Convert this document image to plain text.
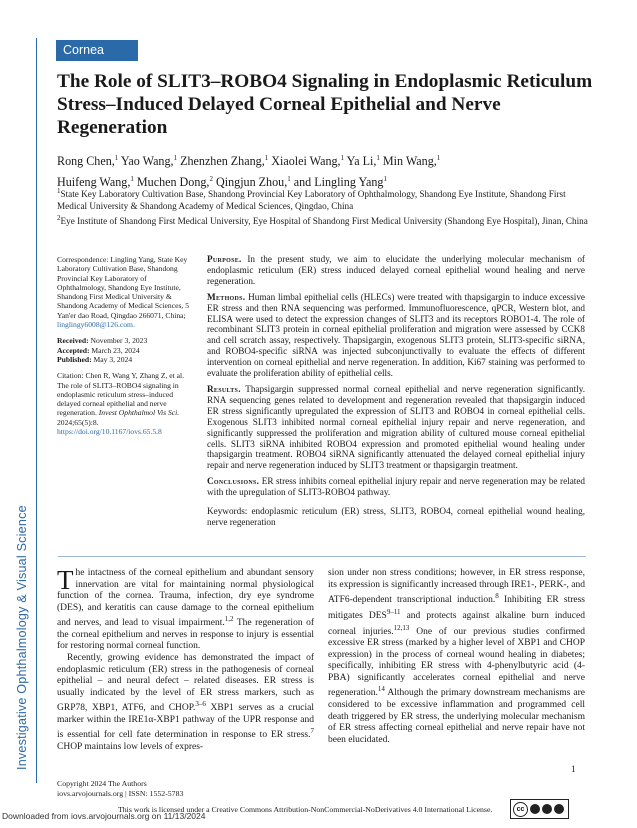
Investigative Ophthalmology & Visual Science
Cornea
The Role of SLIT3–ROBO4 Signaling in Endoplasmic Reticulum Stress–Induced Delayed Corneal Epithelial and Nerve Regeneration
Rong Chen,$^1$ Yao Wang,$^1$ Zhenzhen Zhang,$^1$ Xiaolei Wang,$^1$ Ya Li,$^1$ Min Wang,$^1$
Huifeng Wang,$^1$ Muchen Dong,$^2$ Qingjun Zhou,$^1$ and Lingling Yang$^1$
$^1$State Key Laboratory Cultivation Base, Shandong Provincial Key Laboratory of Ophthalmology, Shandong Eye Institute, Shandong First Medical University & Shandong Academy of Medical Sciences, Qingdao, China
$^2$Eye Institute of Shandong First Medical University, Eye Hospital of Shandong First Medical University (Shandong Eye Hospital), Jinan, China
Correspondence: Lingling Yang, State Key Laboratory Cultivation Base, Shandong Provincial Key Laboratory of Ophthalmology, Shandong Eye Institute, Shandong First Medical University & Shandong Academy of Medical Sciences, 5 Yan'er dao Road, Qingdao 266071, China;
linglingy6008@126.com.
Received: November 3, 2023
Accepted: March 23, 2024
Published: May 3, 2024
Citation: Chen R, Wang Y, Zhang Z, et al. The role of SLIT3–ROBO4 signaling in endoplasmic reticulum stress–induced delayed corneal epithelial and nerve regeneration. Invest Ophthalmol Vis Sci. 2024;65(5):8.
https://doi.org/10.1167/iovs.65.5.8

Purpose. In the present study, we aim to elucidate the underlying molecular mechanism of endoplasmic reticulum (ER) stress induced delayed corneal epithelial wound healing and nerve regeneration.

Methods. Human limbal epithelial cells (HLECs) were treated with thapsigargin to induce excessive ER stress and then RNA sequencing was performed. Immunofluorescence, qPCR, Western blot, and ELISA were used to detect the expression changes of SLIT3 and its receptors ROBO1-4. The role of recombinant SLIT3 protein in corneal epithelial proliferation and migration were assessed by CCK8 and cell scratch assay, respectively. Thapsigargin, exogenous SLIT3 protein, SLIT3-specific siRNA, and ROBO4-specific siRNA was injected subconjunctivally to evaluate the effects of different intervention on corneal epithelial and nerve regeneration. In addition, Ki67 staining was performed to evaluate the proliferation ability of epithelial cells.

Results. Thapsigargin suppressed normal corneal epithelial and nerve regeneration significantly. RNA sequencing genes related to development and regeneration revealed that thapsigargin induced ER stress significantly upregulated the expression of SLIT3 and ROBO4 in corneal epithelial cells. Exogenous SLIT3 inhibited normal corneal epithelial injury repair and nerve regeneration, and significantly suppressed the proliferation and migration ability of cultured mouse corneal epithelial cells. SLIT3 siRNA inhibited ROBO4 expression and promoted epithelial wound healing under thapsigargin treatment. ROBO4 siRNA significantly attenuated the delayed corneal epithelial injury repair and nerve regeneration induced by SLIT3 treatment or thapsigargin treatment.

Conclusions. ER stress inhibits corneal epithelial injury repair and nerve regeneration may be related with the upregulation of SLIT3-ROBO4 pathway.

Keywords: endoplasmic reticulum (ER) stress, SLIT3, ROBO4, corneal epithelial wound healing, nerve regeneration

The intactness of the corneal epithelium and abundant sensory innervation are vital for maintaining normal physiological function of the cornea. Trauma, infection, dry eye syndrome (DES), and keratitis can cause damage to the corneal epithelium and nerves, and lead to visual impairment.$^{1,2}$ The regeneration of the corneal epithelium and nerves in response to injury is essential for restoring normal corneal function.

Recently, growing evidence has demonstrated the impact of endoplasmic reticulum (ER) stress in the pathogenesis of corneal epithelial – and neural defect – related diseases. ER stress is usually indicated by the level of ER stress markers, such as GRP78, XBP1, ATF6, and CHOP.$^{3-6}$ XBP1 serves as a crucial marker within the IRE1α-XBP1 pathway of the UPR response and is essential for cell fate determination in response to ER stress.$^7$ CHOP maintains low levels of expres-

sion under non stress conditions; however, in ER stress response, its expression is significantly increased through IRE1-, PERK-, and ATF6-dependent transcriptional induction.$^8$ Inhibiting ER stress mitigates DES$^{9-11}$ and protects against alkaline burn induced corneal injuries.$^{12,13}$ One of our previous studies confirmed excessive ER stress (marked by a higher level of XBP1 and CHOP expression) in the process of corneal wound healing in diabetes; specifically, inhibiting ER stress with 4-phenylbutyric acid (4-PBA) significantly accelerates corneal epithelial and nerve regeneration.$^{14}$ Although the primary downstream mechanisms are considered to be excessive inflammation and programmed cell death triggered by ER stress, the underlying molecular mechanism of ER stress affecting corneal epithelial and nerve repair have not been elucidated.

Copyright 2024 The Authors
iovs.arvojournals.org | ISSN: 1552-5783
1
This work is licensed under a Creative Commons Attribution-NonCommercial-NoDerivatives 4.0 International License.	cc
Downloaded from iovs.arvojournals.org on 11/13/2024
